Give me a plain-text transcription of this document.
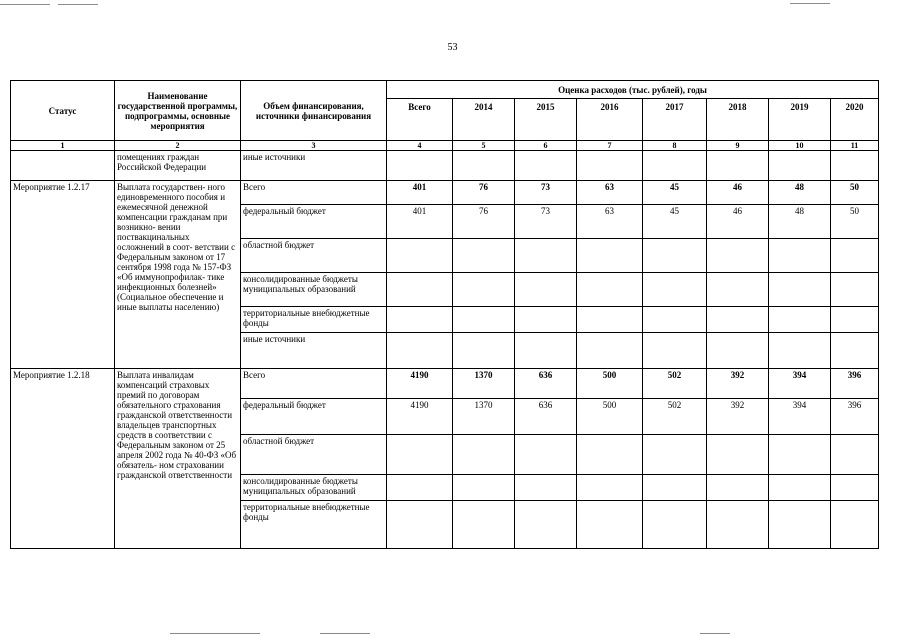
53
Статус	Наименование государственной программы, подпрограммы, основные мероприятия	Объем финансирования, источники финансирования	Оценка расходов (тыс. рублей), годы							
			Всего	2014	2015	2016	2017	2018	2019	2020
1	2	3	4	5	6	7	8	9	10	11
	помещениях граждан Российской Федерации	иные источники								
Мероприятие 1.2.17	Выплата государствен- ного единовременного пособия и ежемесячной денежной компенсации гражданам при возникно- вении поствакцинальных осложнений в соот- ветствии с Федеральным законом от 17 сентября 1998 года № 157-ФЗ «Об иммунопрофилак- тике инфекционных болезней» (Социальное обеспечение и иные выплаты населению)	Всего	401	76	73	63	45	46	48	50
		федеральный бюджет	401	76	73	63	45	46	48	50
		областной бюджет								
		консолидированные бюджеты муниципальных образований								
		территориальные внебюджетные фонды								
		иные источники								
Мероприятие 1.2.18	Выплата инвалидам компенсаций страховых премий по договорам обязательного страхования гражданской ответственности владельцев транспортных средств в соответствии с Федеральным законом от 25 апреля 2002 года № 40-ФЗ «Об обязатель- ном страховании гражданской ответственности	Всего	4190	1370	636	500	502	392	394	396
		федеральный бюджет	4190	1370	636	500	502	392	394	396
		областной бюджет								
		консолидированные бюджеты муниципальных образований								
		территориальные внебюджетные фонды								
